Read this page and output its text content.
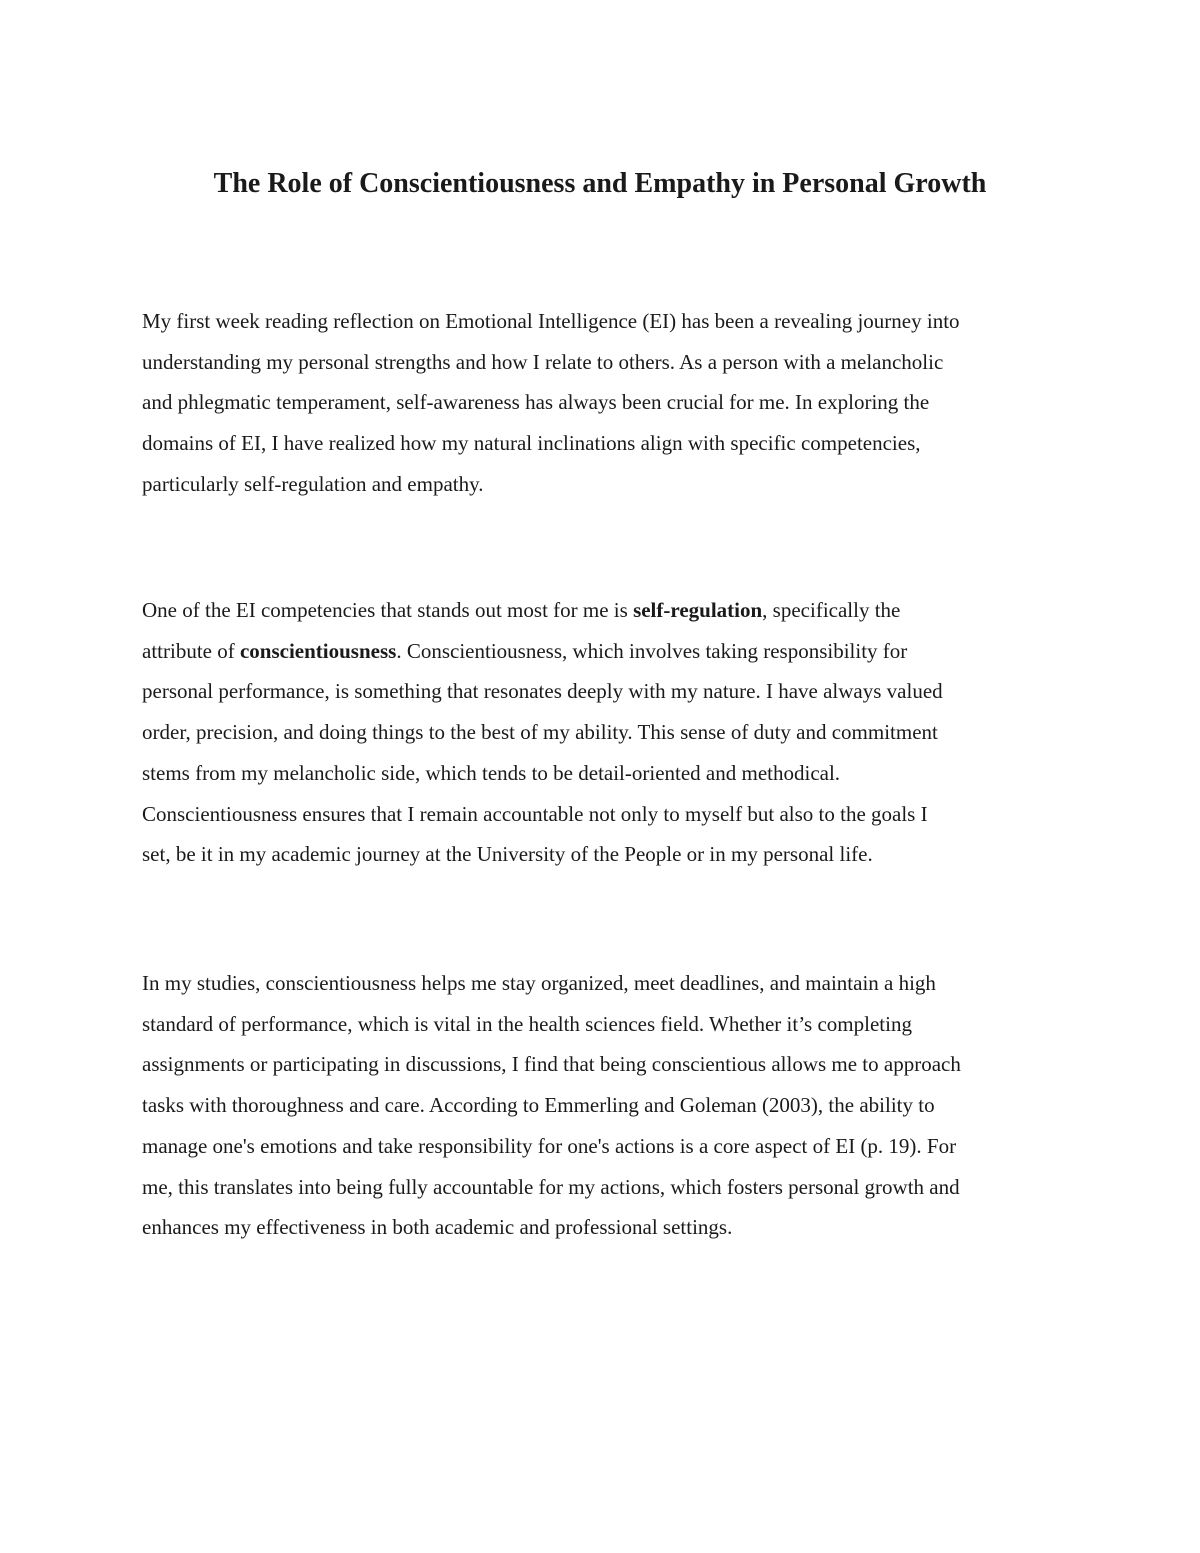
The Role of Conscientiousness and Empathy in Personal Growth
My first week reading reflection on Emotional Intelligence (EI) has been a revealing journey into
understanding my personal strengths and how I relate to others. As a person with a melancholic
and phlegmatic temperament, self-awareness has always been crucial for me. In exploring the
domains of EI, I have realized how my natural inclinations align with specific competencies,
particularly self-regulation and empathy.
One of the EI competencies that stands out most for me is self-regulation, specifically the
attribute of conscientiousness. Conscientiousness, which involves taking responsibility for
personal performance, is something that resonates deeply with my nature. I have always valued
order, precision, and doing things to the best of my ability. This sense of duty and commitment
stems from my melancholic side, which tends to be detail-oriented and methodical.
Conscientiousness ensures that I remain accountable not only to myself but also to the goals I
set, be it in my academic journey at the University of the People or in my personal life.
In my studies, conscientiousness helps me stay organized, meet deadlines, and maintain a high
standard of performance, which is vital in the health sciences field. Whether it’s completing
assignments or participating in discussions, I find that being conscientious allows me to approach
tasks with thoroughness and care. According to Emmerling and Goleman (2003), the ability to
manage one's emotions and take responsibility for one's actions is a core aspect of EI (p. 19). For
me, this translates into being fully accountable for my actions, which fosters personal growth and
enhances my effectiveness in both academic and professional settings.
